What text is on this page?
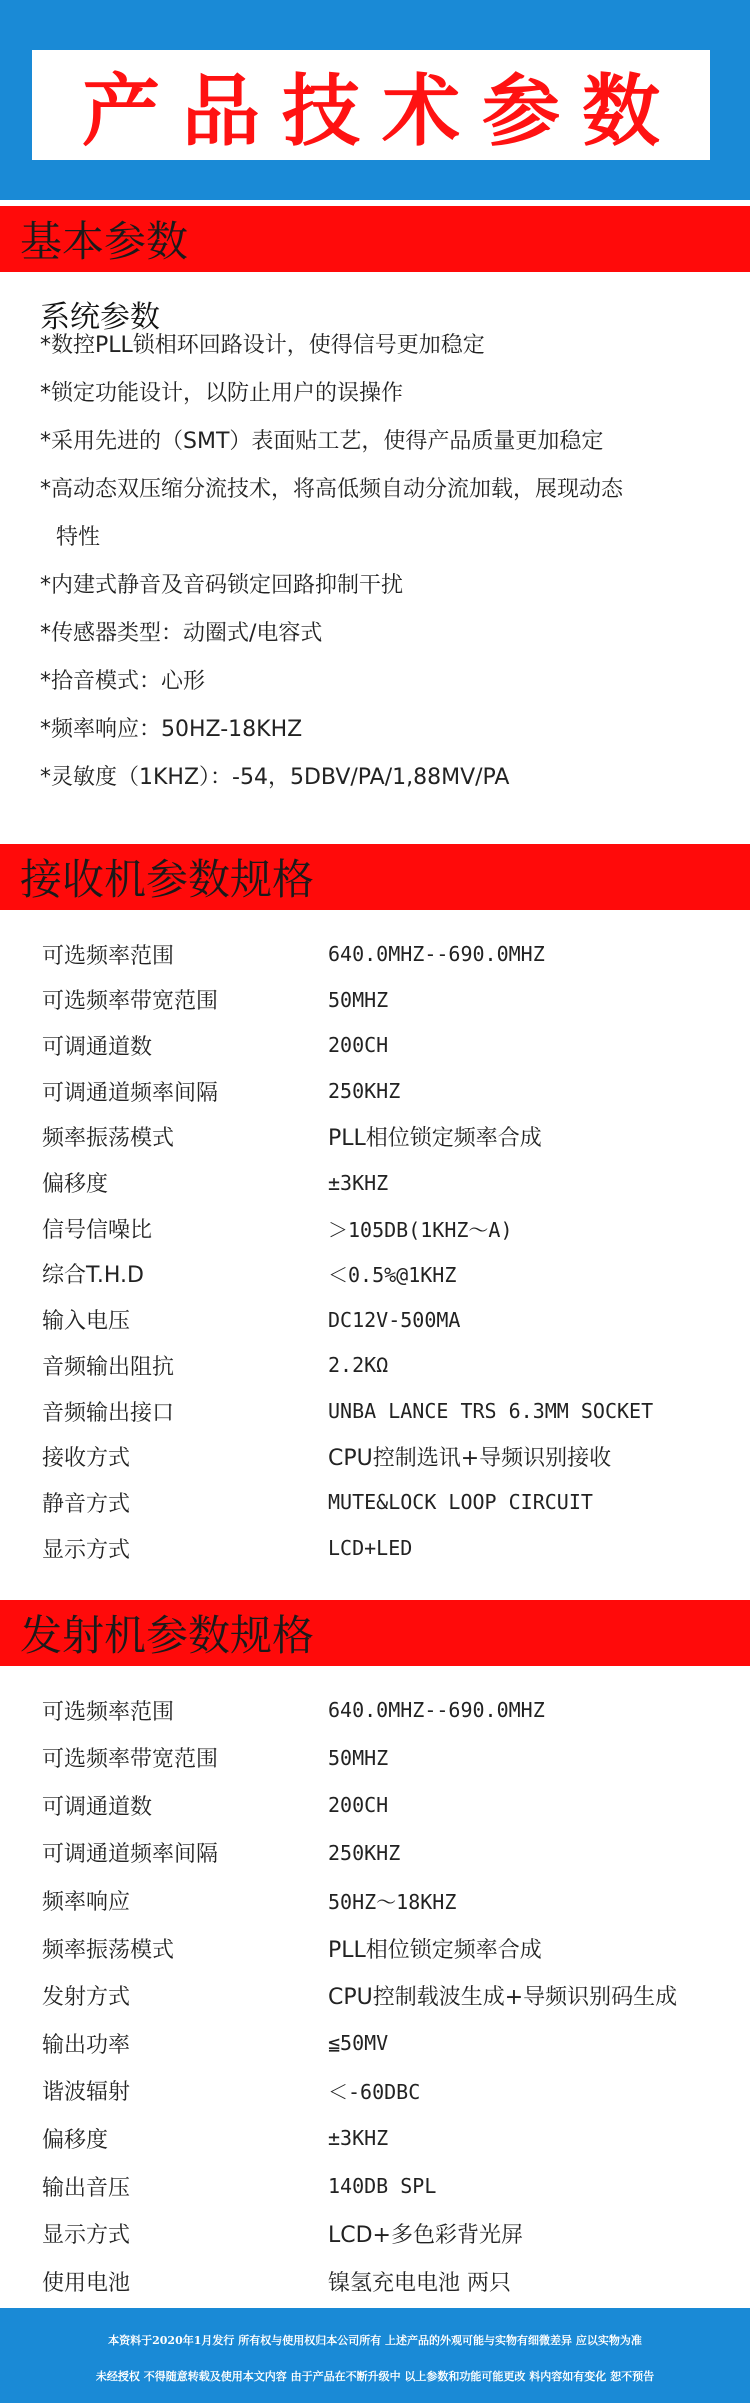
产品技术参数
基本参数
系统参数
*数控PLL锁相环回路设计，使得信号更加稳定
*锁定功能设计，以防止用户的误操作
*采用先进的（SMT）表面贴工艺，使得产品质量更加稳定
*高动态双压缩分流技术，将高低频自动分流加载，展现动态
特性
*内建式静音及音码锁定回路抑制干扰
*传感器类型：动圈式/电容式
*拾音模式：心形
*频率响应：50HZ-18KHZ
*灵敏度（1KHZ）：-54，5DBV/PA/1,88MV/PA
接收机参数规格
可选频率范围	640.0MHZ--690.0MHZ
可选频率带宽范围	50MHZ
可调通道数	200CH
可调通道频率间隔	250KHZ
频率振荡模式	PLL相位锁定频率合成
偏移度	±3KHZ
信号信噪比	＞105DB(1KHZ～A)
综合T.H.D	＜0.5%@1KHZ
输入电压	DC12V-500MA
音频输出阻抗	2.2KΩ
音频输出接口	UNBA LANCE TRS 6.3MM SOCKET
接收方式	CPU控制选讯+导频识别接收
静音方式	MUTE&LOCK LOOP CIRCUIT
显示方式	LCD+LED
发射机参数规格
可选频率范围	640.0MHZ--690.0MHZ
可选频率带宽范围	50MHZ
可调通道数	200CH
可调通道频率间隔	250KHZ
频率响应	50HZ～18KHZ
频率振荡模式	PLL相位锁定频率合成
发射方式	CPU控制载波生成+导频识别码生成
输出功率	≦50MV
谐波辐射	＜-60DBC
偏移度	±3KHZ
输出音压	140DB SPL
显示方式	LCD+多色彩背光屏
使用电池	镍氢充电电池 两只
本资料于2020年1月发行 所有权与使用权归本公司所有 上述产品的外观可能与实物有细微差异 应以实物为准
未经授权 不得随意转载及使用本文内容 由于产品在不断升级中 以上参数和功能可能更改 料内容如有变化 恕不预告
